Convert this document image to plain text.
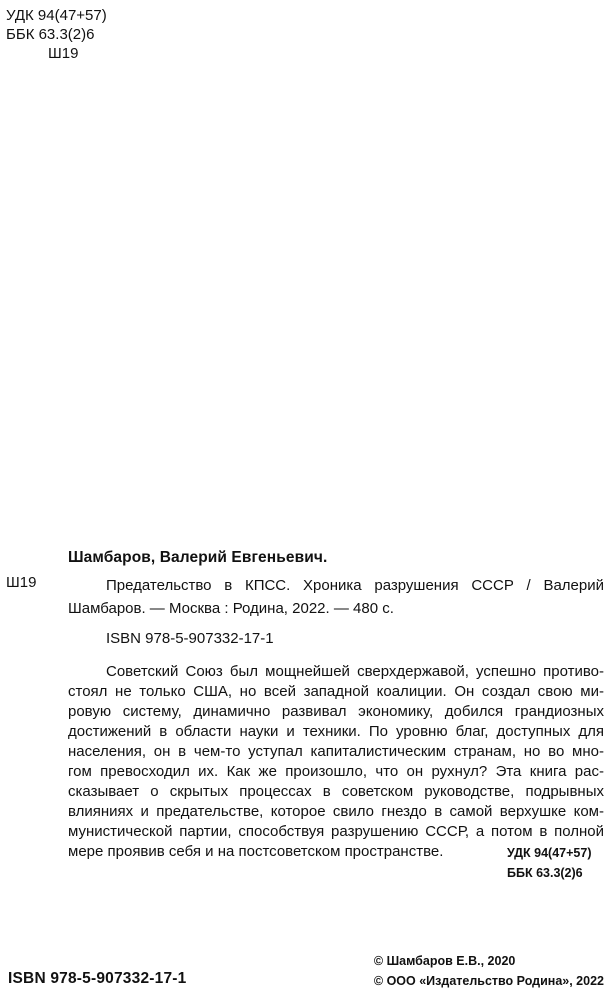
УДК 94(47+57)
ББК 63.3(2)6
Ш19
Шамбаров, Валерий Евгеньевич.
Ш19	Предательство в КПСС. Хроника разрушения СССР / Валерий
Шамбаров. — Москва : Родина, 2022. — 480 с.
ISBN 978-5-907332-17-1
Советский Союз был мощнейшей сверхдержавой, успешно противо-
стоял не только США, но всей западной коалиции. Он создал свою ми-
ровую систему, динамично развивал экономику, добился грандиозных
достижений в области науки и техники. По уровню благ, доступных для
населения, он в чем-то уступал капиталистическим странам, но во мно-
гом превосходил их. Как же произошло, что он рухнул? Эта книга рас-
сказывает о скрытых процессах в советском руководстве, подрывных
влияниях и предательстве, которое свило гнездо в самой верхушке ком-
мунистической партии, способствуя разрушению СССР, а потом в полной
мере проявив себя и на постсоветском пространстве.	УДК 94(47+57)
ББК 63.3(2)6
ISBN 978-5-907332-17-1
© Шамбаров Е.В., 2020
© ООО «Издательство Родина», 2022
